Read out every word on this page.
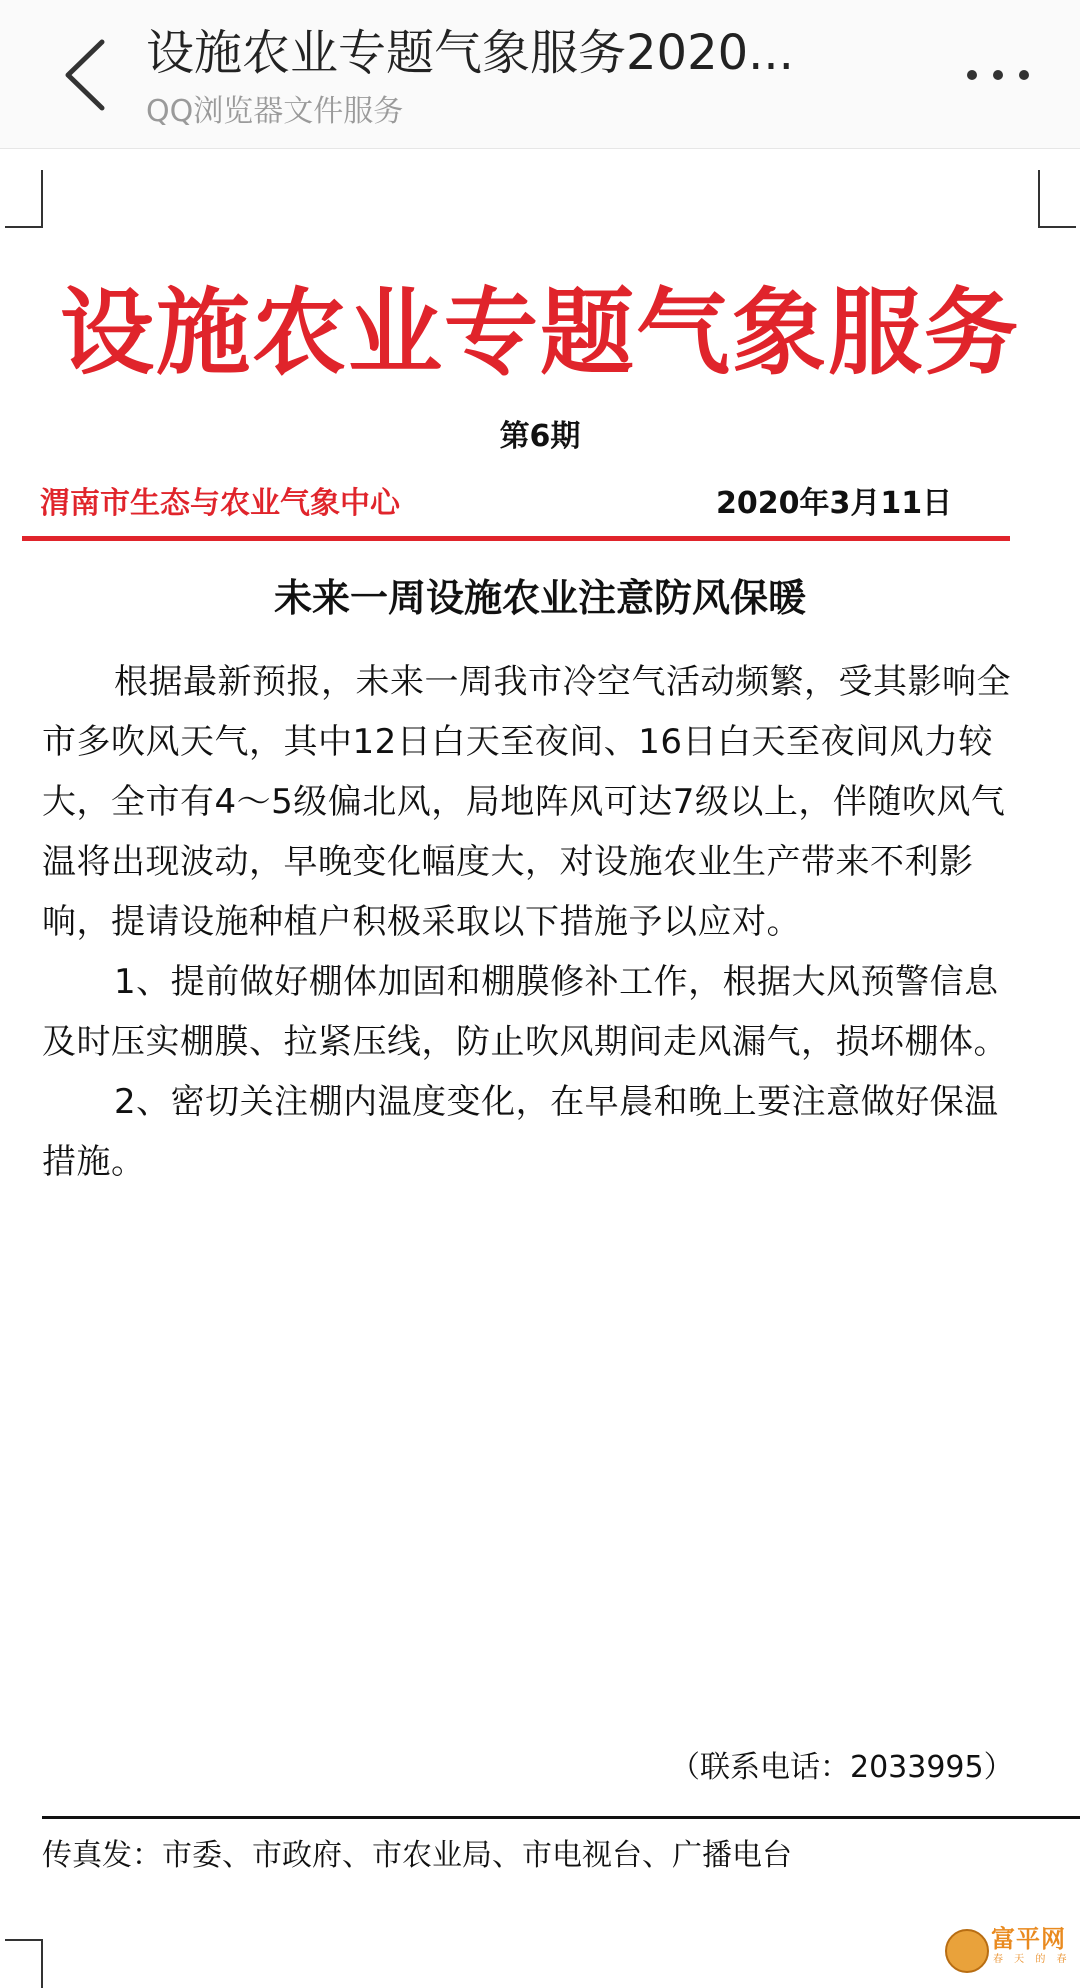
设施农业专题气象服务2020...
QQ浏览器文件服务
设施农业专题气象服务
第6期
渭南市生态与农业气象中心	2020年3月11日
未来一周设施农业注意防风保暖
根据最新预报，未来一周我市冷空气活动频繁，受其影响全市多吹风天气，其中12日白天至夜间、16日白天至夜间风力较大，全市有4～5级偏北风，局地阵风可达7级以上，伴随吹风气温将出现波动，早晚变化幅度大，对设施农业生产带来不利影响，提请设施种植户积极采取以下措施予以应对。
1、提前做好棚体加固和棚膜修补工作，根据大风预警信息及时压实棚膜、拉紧压线，防止吹风期间走风漏气，损坏棚体。
2、密切关注棚内温度变化，在早晨和晚上要注意做好保温措施。
（联系电话：2033995）
传真发：市委、市政府、市农业局、市电视台、广播电台
富平网
春 天 的 春
